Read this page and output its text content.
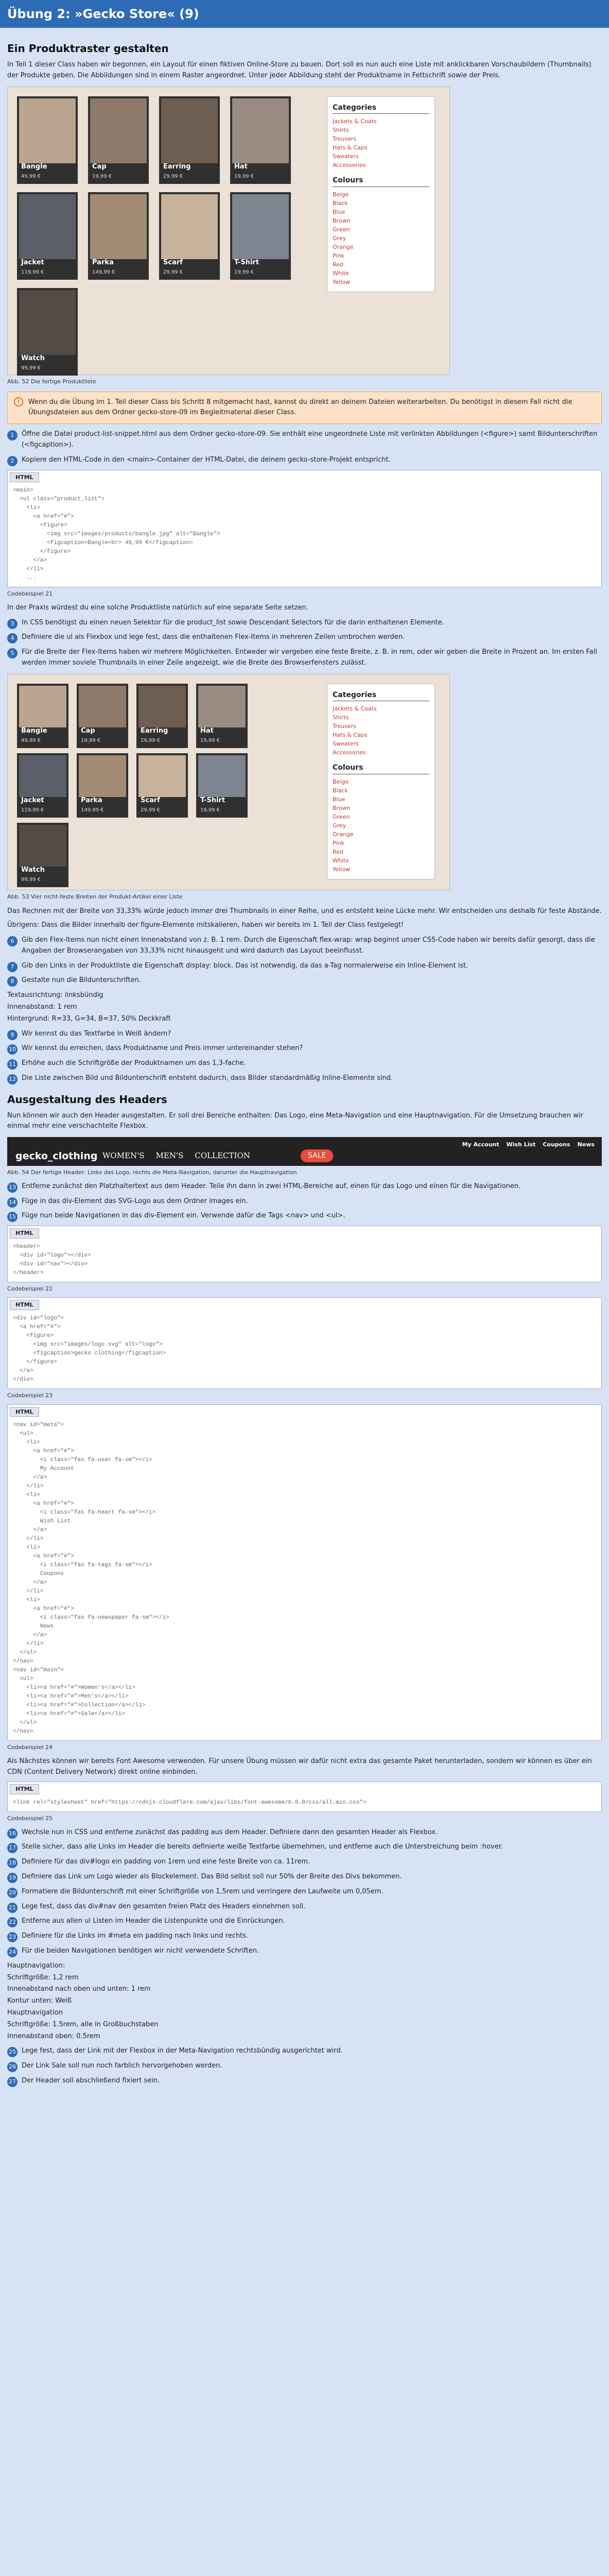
Übung 2: »Gecko Store« (9)
Ein Produktraster gestalten

In Teil 1 dieser Class haben wir begonnen, ein Layout für einen fiktiven Online-Store zu bauen. Dort soll es nun auch eine Liste mit anklickbaren Vorschaubildern (Thumbnails) der Produkte geben. Die Abbildungen sind in einem Raster angeordnet. Unter jeder Abbildung steht der Produktname in Fettschrift sowie der Preis.

Bangle
49,99 €
Cap
19,99 €
Earring
29,99 €
Hat
19,99 €
Jacket
119,99 €
Parka
149,99 €
Scarf
29,99 €
T-Shirt
19,99 €
Watch
99,99 €
Categories
Jackets & Coats
Shirts
Trousers
Hats & Caps
Sweaters
Accessories
Colours
Beige
Black
Blue
Brown
Green
Grey
Orange
Pink
Red
White
Yellow
Abb. 52 Die fertige Produktliste
!	Wenn du die Übung im 1. Teil dieser Class bis Schritt 8 mitgemacht hast, kannst du direkt an deinem Dateien weiterarbeiten. Du benötigst in diesem Fall nicht die Übungsdateien aus dem Ordner gecko-store-09 im Begleitmaterial dieser Class.
1	Öffne die Datei product-list-snippet.html aus dem Ordner gecko-store-09. Sie enthält eine ungeordnete Liste mit verlinkten Abbildungen (<figure>) samt Bildunterschriften (<figcaption>).
2	Kopiere den HTML-Code in den <main>-Container der HTML-Datei, die deinem gecko-store-Projekt entspricht.
HTML
<main>
<ul class="product_list">
<li>
<a href="#">
<figure>
<img src="images/products/bangle.jpg" alt="Bangle">
<figcaption>Bangle<br> 49,99 €</figcaption>
</figure>
</a>
</li>
...
Codebeispiel 21

In der Praxis würdest du eine solche Produktliste natürlich auf eine separate Seite setzen.

3	In CSS benötigst du einen neuen Selektor für die product_list sowie Descendant Selectors für die darin enthaltenen Elemente.
4	Definiere die ul als Flexbox und lege fest, dass die enthaltenen Flex-Items in mehreren Zeilen umbrochen werden.
5	Für die Breite der Flex-Items haben wir mehrere Möglichkeiten. Entweder wir vergeben eine feste Breite, z. B. in rem, oder wir geben die Breite in Prozent an. Im ersten Fall werden immer soviele Thumbnails in einer Zeile angezeigt, wie die Breite des Browserfensters zulässt.
Bangle
49,99 €
Cap
19,99 €
Earring
29,99 €
Hat
19,99 €
Jacket
119,99 €
Parka
149,99 €
Scarf
29,99 €
T-Shirt
19,99 €
Watch
99,99 €
Categories
Jackets & Coats
Shirts
Trousers
Hats & Caps
Sweaters
Accessories
Colours
Beige
Black
Blue
Brown
Green
Grey
Orange
Pink
Red
White
Yellow
Abb. 53 Vier nicht-feste Breiten der Produkt-Artikel einer Liste

Das Rechnen mit der Breite von 33,33% würde jedoch immer drei Thumbnails in einer Reihe, und es entsteht keine Lücke mehr. Wir entscheiden uns deshalb für feste Abstände.

Übrigens: Dass die Bilder innerhalb der figure-Elemente mitskalieren, haben wir bereits im 1. Teil der Class festgelegt!

6	Gib den Flex-Items nun nicht einen Innenabstand von z. B. 1 rem. Durch die Eigenschaft flex-wrap: wrap beginnt unser CSS-Code haben wir bereits dafür gesorgt, dass die Angaben der Browserangaben von 33,33% nicht hinausgeht und wird dadurch das Layout beeinflusst.
7	Gib den Links in der Produktliste die Eigenschaft display: block. Das ist notwendig, da das a-Tag normalerweise ein Inline-Element ist.
8	Gestalte nun die Bildunterschriften.

Textausrichtung: linksbündig

Innenabstand: 1 rem

Hintergrund: R=33, G=34, B=37, 50% Deckkraft

9	Wir kennst du das Textfarbe in Weiß ändern?
10 Wir kennst du erreichen, dass Produktname und Preis immer untereinander stehen?
11 Erhöhe auch die Schriftgröße der Produktnamen um das 1,3-fache.
12 Die Liste zwischen Bild und Bildunterschrift entsteht dadurch, dass Bilder standardmäßig Inline-Elemente sind.
Ausgestaltung des Headers

Nun können wir auch den Header ausgestalten. Er soll drei Bereiche enthalten: Das Logo, eine Meta-Navigation und eine Hauptnavigation. Für die Umsetzung brauchen wir einmal mehr eine verschachtelte Flexbox.

My Account Wish List Coupons News
gecko_clothing WOMEN'S MEN'S COLLECTION	SALE
Abb. 54 Der fertige Header: Links das Logo, rechts die Meta-Navigation, darunter die Hauptnavigation
13 Entferne zunächst den Platzhaltertext aus dem Header. Teile ihn dann in zwei HTML-Bereiche auf, einen für das Logo und einen für die Navigationen.
14 Füge in das div-Element das SVG-Logo aus dem Ordner images ein.
15 Füge nun beide Navigationen in das div-Element ein. Verwende dafür die Tags <nav> und <ul>.
HTML
<header>
<div id="logo"></div>
<div id="nav"></div>
</header>
Codebeispiel 22
HTML
<div id="logo">
<a href="#">
<figure>
<img src="images/logo.svg" alt="logo">
<figcaption>gecko clothing</figcaption>
</figure>
</a>
</div>
Codebeispiel 23
HTML
<nav id="meta">
<ul>
<li>
<a href="#">
<i class="fas fa-user fa-sm"></i>
My Account
</a>
</li>
<li>
<a href="#">
<i class="fas fa-heart fa-sm"></i>
Wish List
</a>
</li>
<li>
<a href="#">
<i class="fas fa-tags fa-sm"></i>
Coupons
</a>
</li>
<li>
<a href="#">
<i class="fas fa-newspaper fa-sm"></i>
News
</a>
</li>
</ul>
</nav>
<nav id="main">
<ul>
<li><a href="#">Women's</a></li>
<li><a href="#">Men's</a></li>
<li><a href="#">Collection</a></li>
<li><a href="#">Sale</a></li>
</ul>
</nav>
Codebeispiel 24

Als Nächstes können wir bereits Font Awesome verwenden. Für unsere Übung müssen wir dafür nicht extra das gesamte Paket herunterladen, sondern wir können es über ein CDN (Content Delivery Network) direkt online einbinden.

HTML
<link rel="stylesheet" href="https://cdnjs.cloudflare.com/ajax/libs/font-awesome/6.0.0/css/all.min.css">
Codebeispiel 25
16 Wechsle nun in CSS und entferne zunächst das padding aus dem Header. Definiere dann den gesamten Header als Flexbox.
17 Stelle sicher, dass alle Links im Header die bereits definierte weiße Textfarbe übernehmen, und entferne auch die Unterstreichung beim :hover.
18 Definiere für das div#logo ein padding von 1rem und eine feste Breite von ca. 11rem.
19 Definiere das Link um Logo wieder als Blockelement. Das Bild selbst soll nur 50% der Breite des Divs bekommen.
20 Formatiere die Bildunterschrift mit einer Schriftgröße von 1,5rem und verringere den Laufweite um 0,05em.
21 Lege fest, dass das div#nav den gesamten freien Platz des Headers einnehmen soll.
22 Entferne aus allen ul Listen im Header die Listenpunkte und die Einrückungen.
23 Definiere für die Links im #meta ein padding nach links und rechts.
24 Für die beiden Navigationen benötigen wir nicht verwendete Schriften.

Hauptnavigation:

Schriftgröße: 1,2 rem

Innenabstand nach oben und unten: 1 rem

Kontur unten: Weiß

Hauptnavigation

Schriftgröße: 1.5rem, alle in Großbuchstaben

Innenabstand oben: 0.5rem

25 Lege fest, dass der Link mit der Flexbox in der Meta-Navigation rechtsbündig ausgerichtet wird.
26 Der Link Sale soll nun noch farblich hervorgehoben werden.
27 Der Header soll abschließend fixiert sein.
